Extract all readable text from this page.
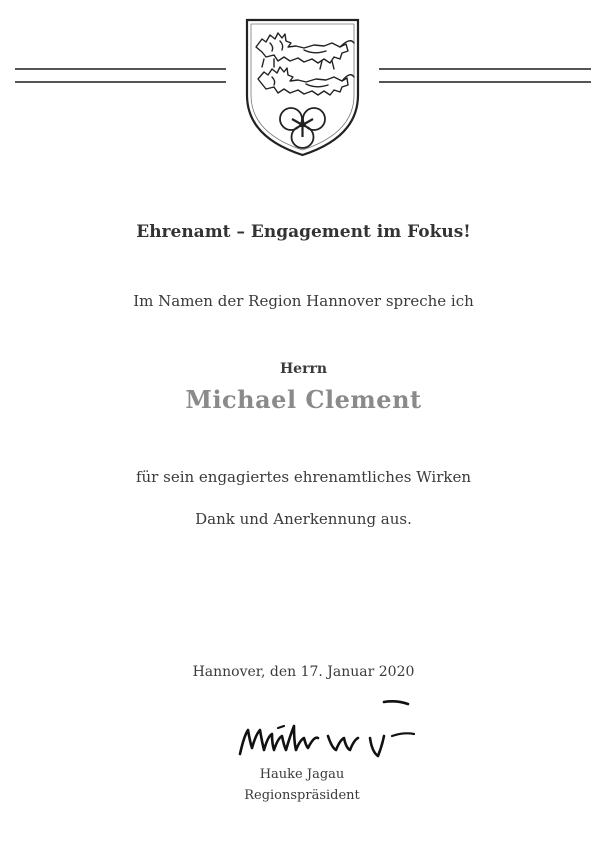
Ehrenamt – Engagement im Fokus!
Im Namen der Region Hannover spreche ich
Herrn
Michael Clement
für sein engagiertes ehrenamtliches Wirken
Dank und Anerkennung aus.
Hannover, den 17. Januar 2020
Hauke Jagau
Regionspräsident
